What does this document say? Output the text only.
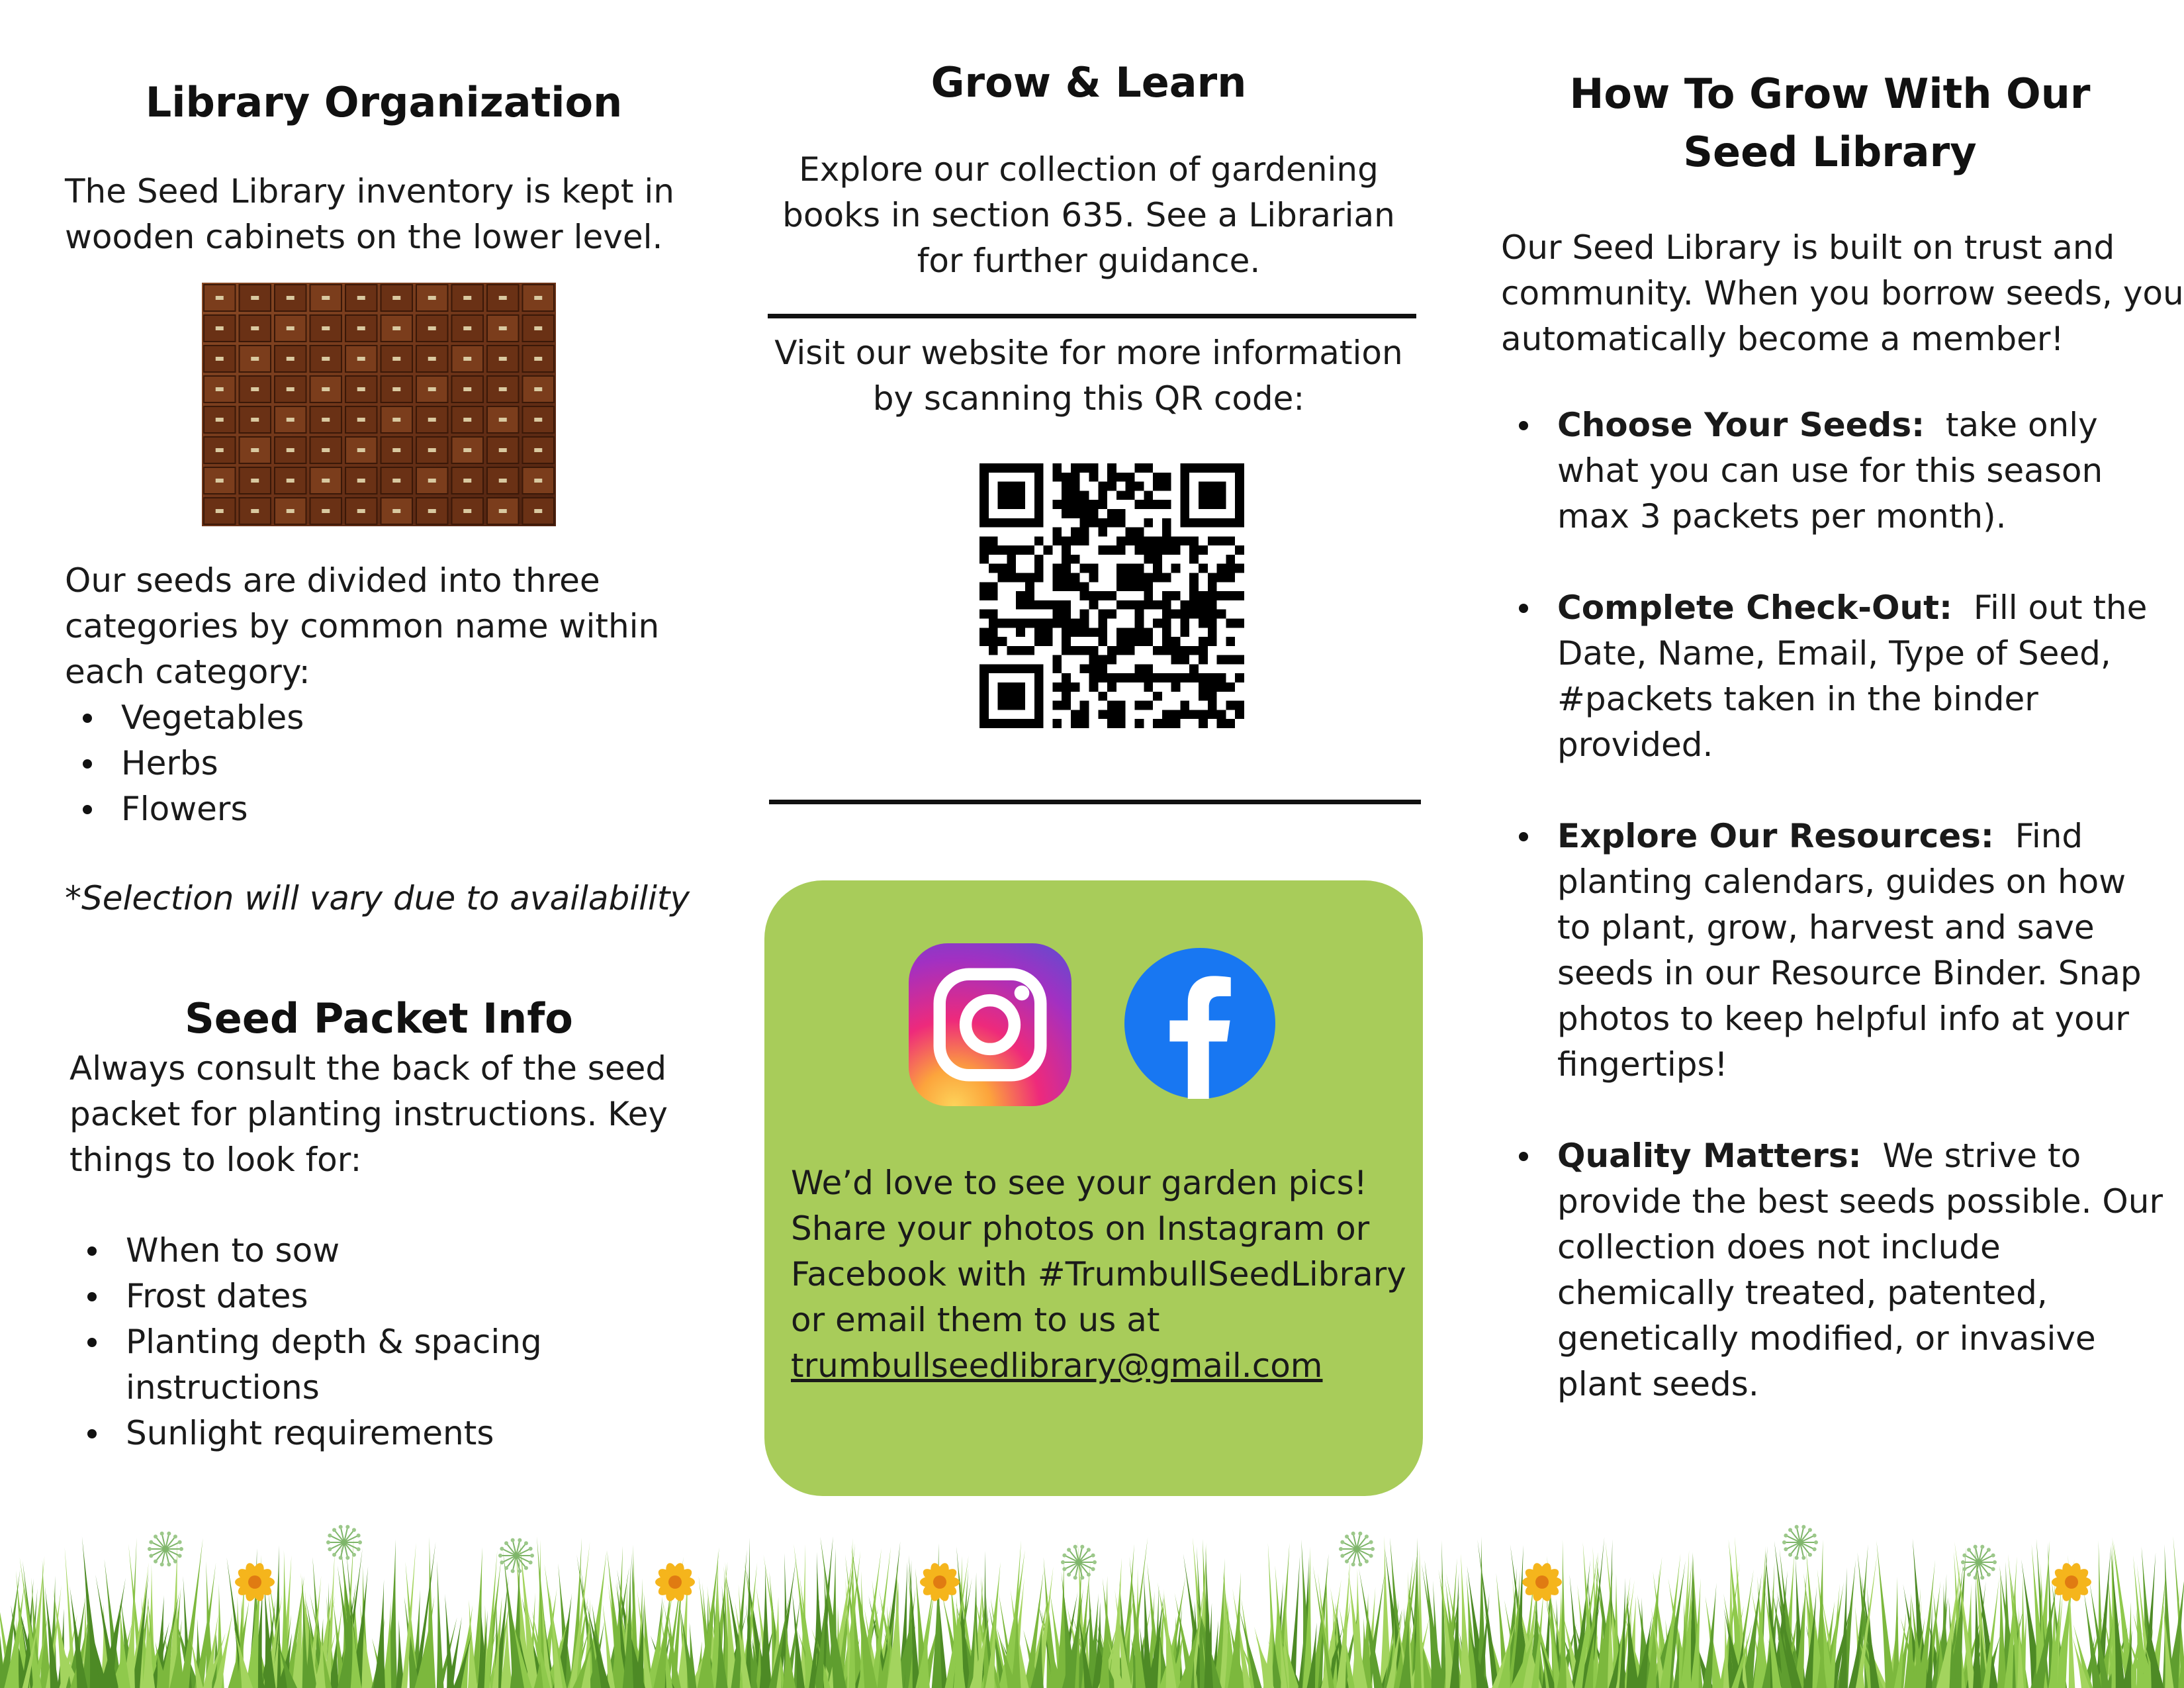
Library Organization

The Seed Library inventory is kept in wooden cabinets on the lower level.

Our seeds are divided into three categories by common name within each category:

Vegetables
Herbs
Flowers

*Selection will vary due to availability

Seed Packet Info

Always consult the back of the seed packet for planting instructions. Key things to look for:

When to sow
Frost dates
Planting depth & spacing instructions
Sunlight requirements
Grow & Learn

Explore our collection of gardening books in section 635. See a Librarian for further guidance.

Visit our website for more information by scanning this QR code:

We’d love to see your garden pics! Share your photos on Instagram or Facebook with #TrumbullSeedLibrary or email them to us at trumbullseedlibrary@gmail.com

How To Grow With Our
Seed Library

Our Seed Library is built on trust and community. When you borrow seeds, you automatically become a member!

Choose Your Seeds: take only what you can use for this season max 3 packets per month).
Complete Check-Out: Fill out the Date, Name, Email, Type of Seed, #packets taken in the binder provided.
Explore Our Resources: Find planting calendars, guides on how to plant, grow, harvest and save seeds in our Resource Binder. Snap photos to keep helpful info at your fingertips!
Quality Matters: We strive to provide the best seeds possible. Our collection does not include chemically treated, patented, genetically modified, or invasive plant seeds.
